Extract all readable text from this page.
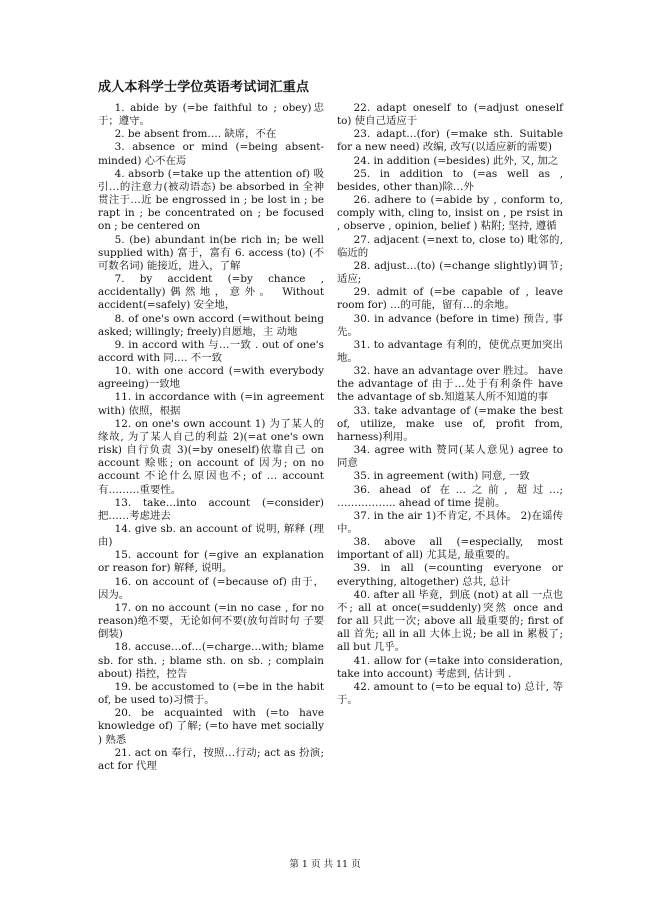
成人本科学士学位英语考试词汇重点

1. abide by (=be faithful to ; obey)忠于；遵守。

2. be absent from…. 缺席，不在

3. absence or mind (=being absent-minded) 心不在焉

4. absorb (=take up the attention of) 吸引…的注意力(被动语态) be absorbed in 全神贯注于…近 be engrossed in ; be lost in ; be rapt in ; be concentrated on ; be focused on ; be centered on

5. (be) abundant in(be rich in; be well supplied with) 富于，富有 6. access (to) (不可数名词) 能接近，进入，了解

7. by accident (=by chance , accidentally)偶然地，意外。 Without accident(=safely) 安全地，

8. of one's own accord (=without being asked; willingly; freely)自愿地，主 动地

9. in accord with 与…一致 . out of one's accord with 同…. 不一致

10. with one accord (=with everybody agreeing)一致地

11. in accordance with (=in agreement with) 依照，根据

12. on one's own account 1) 为了某人的缘故, 为了某人自己的利益 2)(=at one's own risk) 自行负责 3)(=by oneself)依靠自己 on account 赊账; on account of 因为; on no account 不论什么原因也不; of … account 有………重要性。

13. take…into account (=consider) 把……考虑进去

14. give sb. an account of 说明, 解释 (理由)

15. account for (=give an explanation or reason for) 解释, 说明。

16. on account of (=because of) 由于，因为。

17. on no account (=in no case , for no reason)绝不要，无论如何不要(放句首时句 子要倒装)

18. accuse…of…(=charge…with; blame sb. for sth. ; blame sth. on sb. ; complain about) 指控，控告

19. be accustomed to (=be in the habit of, be used to)习惯于。

20. be acquainted with (=to have knowledge of) 了解; (=to have met socially ) 熟悉

21. act on 奉行，按照…行动; act as 扮演; act for 代理

22. adapt oneself to (=adjust oneself to) 使自己适应于

23. adapt…(for) (=make sth. Suitable for a new need) 改编, 改写(以适应新的需要)

24. in addition (=besides) 此外, 又, 加之

25. in addition to (=as well as , besides, other than)除…外

26. adhere to (=abide by , conform to, comply with, cling to, insist on , pe rsist in , observe , opinion, belief ) 粘附; 坚持, 遵循

27. adjacent (=next to, close to) 毗邻的, 临近的

28. adjust…(to) (=change slightly)调节; 适应;

29. admit of (=be capable of , leave room for) …的可能，留有…的余地。

30. in advance (before in time) 预告, 事先。

31. to advantage 有利的，使优点更加突出地。

32. have an advantage over 胜过。 have the advantage of 由于…处于有利条件 have the advantage of sb.知道某人所不知道的事

33. take advantage of (=make the best of, utilize, make use of, profit from, harness)利用。

34. agree with 赞同(某人意见) agree to 同意

35. in agreement (with) 同意, 一致

36. ahead of 在…之前, 超过…; …………….. ahead of time 提前。

37. in the air 1)不肯定, 不具体。 2)在谣传中。

38. above all (=especially, most important of all) 尤其是, 最重要的。

39. in all (=counting everyone or everything, altogether) 总共, 总计

40. after all 毕竟，到底 (not) at all 一点也不; all at once(=suddenly)突然 once and for all 只此一次; above all 最重要的; first of all 首先; all in all 大体上说; be all in 累极了; all but 几乎。

41. allow for (=take into consideration, take into account) 考虑到, 估计到 .

42. amount to (=to be equal to) 总计, 等于。

第 1 页 共 11 页
